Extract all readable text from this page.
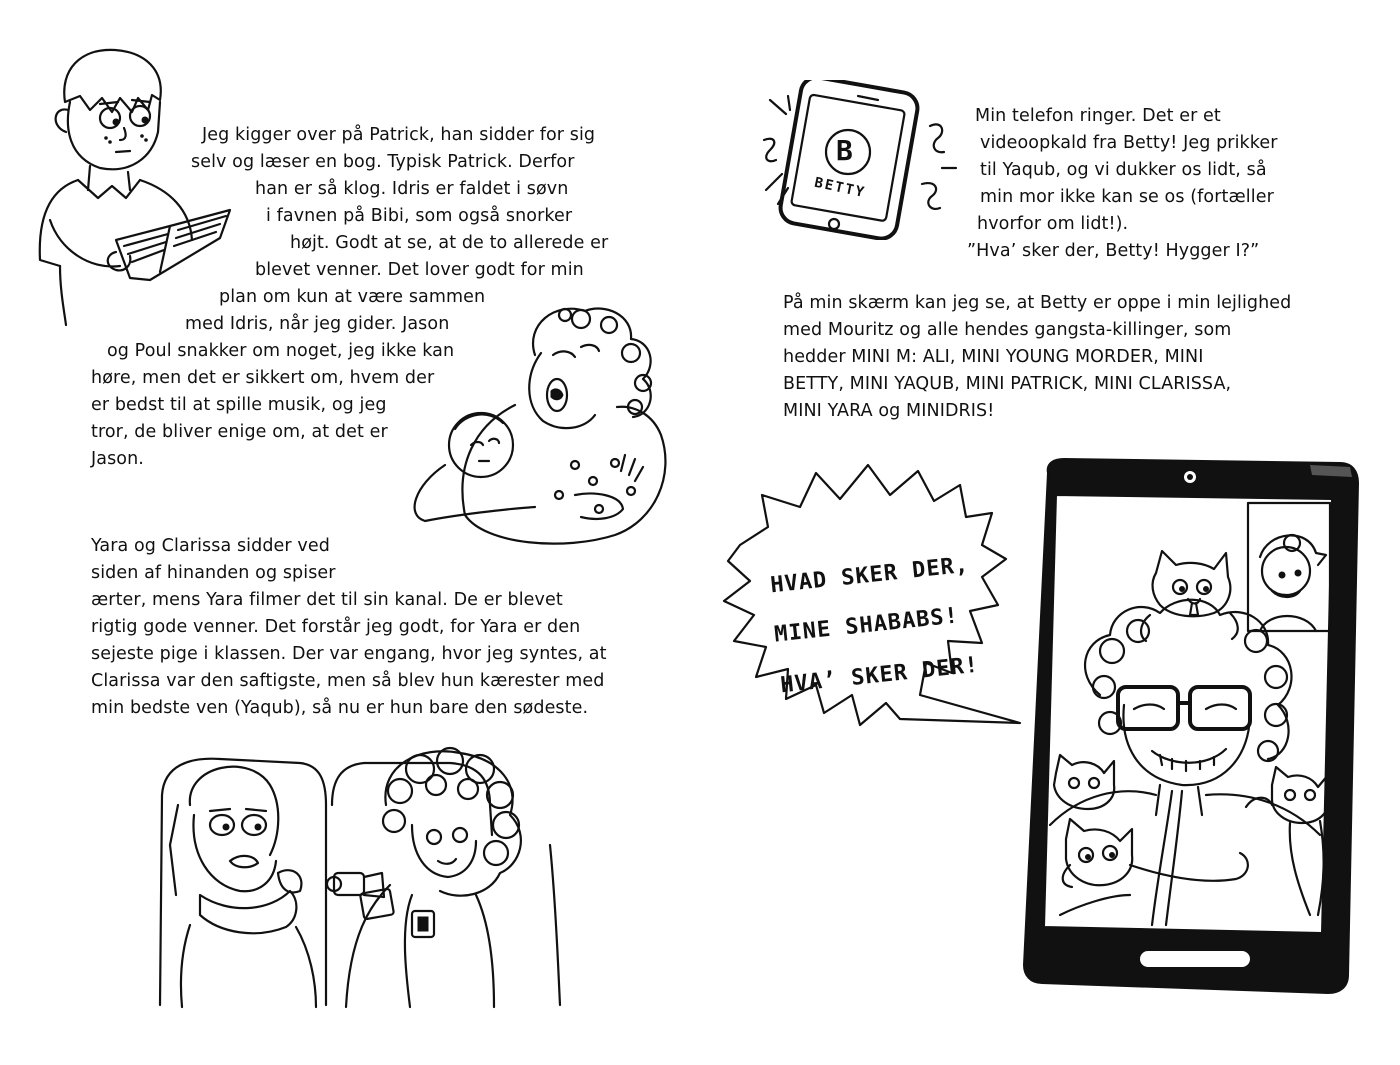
Jeg kigger over på Patrick, han sidder for sig
selv og læser en bog. Typisk Patrick. Derfor
han er så klog. Idris er faldet i søvn
i favnen på Bibi, som også snorker
højt. Godt at se, at de to allerede er
blevet venner. Det lover godt for min
plan om kun at være sammen
med Idris, når jeg gider. Jason
og Poul snakker om noget, jeg ikke kan
høre, men det er sikkert om, hvem der
er bedst til at spille musik, og jeg
tror, de bliver enige om, at det er
Jason.
Yara og Clarissa sidder ved
siden af hinanden og spiser
ærter, mens Yara filmer det til sin kanal. De er blevet
rigtig gode venner. Det forstår jeg godt, for Yara er den
sejeste pige i klassen. Der var engang, hvor jeg syntes, at
Clarissa var den saftigste, men så blev hun kærester med
min bedste ven (Yaqub), så nu er hun bare den sødeste.
Min telefon ringer. Det er et
videoopkald fra Betty! Jeg prikker
til Yaqub, og vi dukker os lidt, så
min mor ikke kan se os (fortæller
hvorfor om lidt!).
”Hva’ sker der, Betty! Hygger I?”
På min skærm kan jeg se, at Betty er oppe i min lejlighed
med Mouritz og alle hendes gangsta-killinger, som
hedder MINI M: ALI, MINI YOUNG MORDER, MINI
BETTY, MINI YAQUB, MINI PATRICK, MINI CLARISSA,
MINI YARA og MINIDRIS!
B
BETTY
HVAD SKER DER,
MINE SHABABS!
HVA’ SKER DER!
